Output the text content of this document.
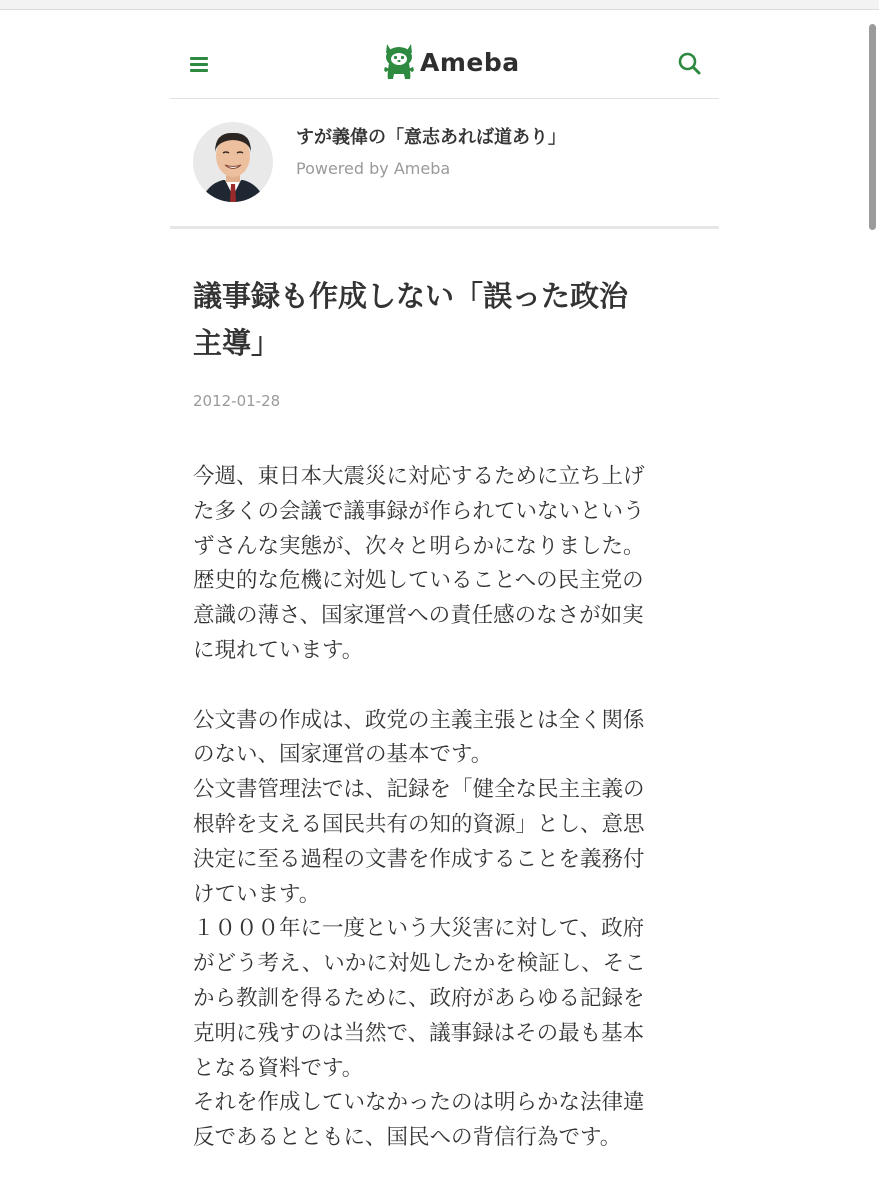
Ameba
すが義偉の「意志あれば道あり」
Powered by Ameba
議事録も作成しない「誤った政治
主導」
2012-01-28

今週、東日本大震災に対応するために立ち上げ
た多くの会議で議事録が作られていないという
ずさんな実態が、次々と明らかになりました。
歴史的な危機に対処していることへの民主党の
意識の薄さ、国家運営への責任感のなさが如実
に現れています。

公文書の作成は、政党の主義主張とは全く関係
のない、国家運営の基本です。
公文書管理法では、記録を「健全な民主主義の
根幹を支える国民共有の知的資源」とし、意思
決定に至る過程の文書を作成することを義務付
けています。
１０００年に一度という大災害に対して、政府
がどう考え、いかに対処したかを検証し、そこ
から教訓を得るために、政府があらゆる記録を
克明に残すのは当然で、議事録はその最も基本
となる資料です。
それを作成していなかったのは明らかな法律違
反であるとともに、国民への背信行為です。
